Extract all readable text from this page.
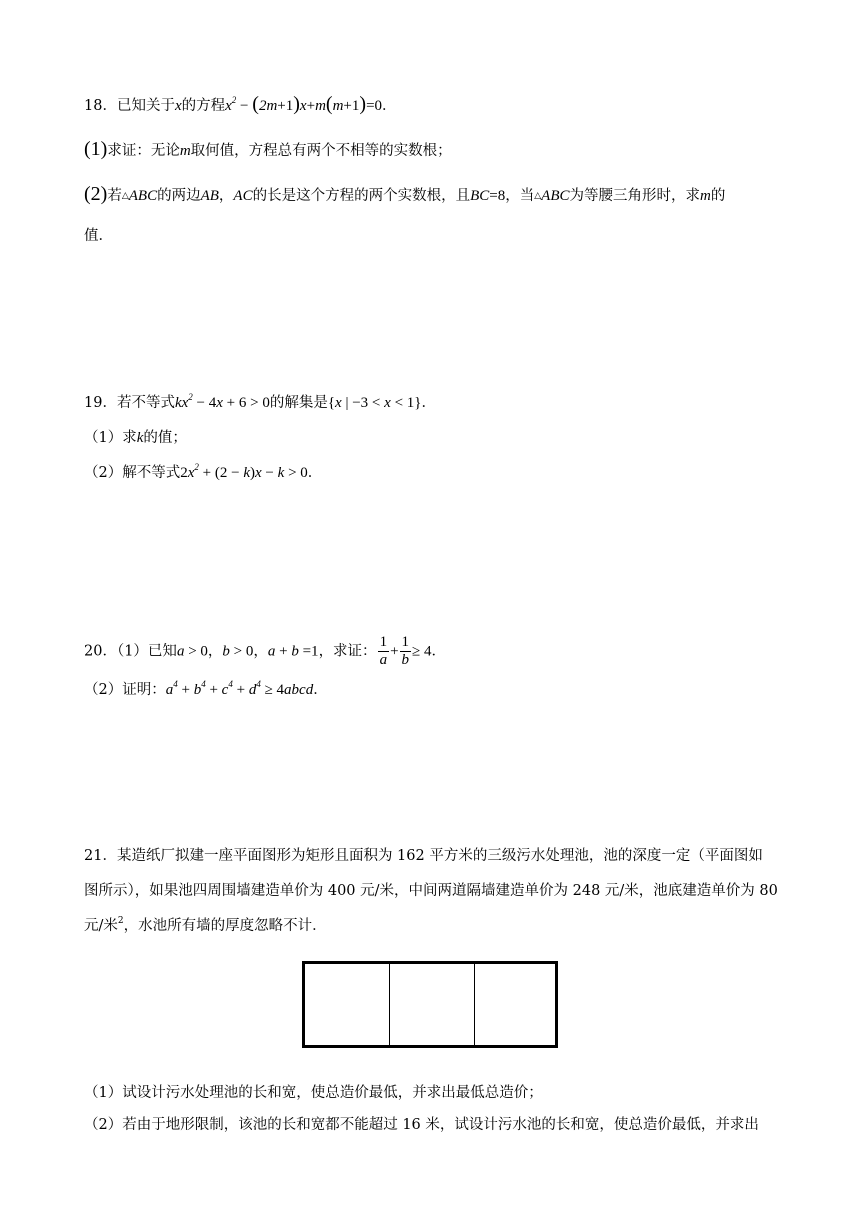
18．已知关于x的方程$x^2 - (2m+1)x+m(m+1)=0$．
(1)求证：无论m取何值，方程总有两个不相等的实数根；
(2)若△ABC的两边AB，AC的长是这个方程的两个实数根，且BC=8，当△ABC为等腰三角形时，求m的
值．
19．若不等式$kx^2 - 4x + 6 > 0$的解集是{x | −3 < x < 1}．
（1）求k的值；
（2）解不等式$2x^2 + (2 - k)x - k > 0$．
20．（1）已知a > 0，b > 0，a + b =1，求证： $\frac{1}{a} + \frac{1}{b} \ge 4$．
（2）证明：$a^4 + b^4 + c^4 + d^4$ ≥ 4abcd．
21．某造纸厂拟建一座平面图形为矩形且面积为 162 平方米的三级污水处理池，池的深度一定（平面图如
图所示），如果池四周围墙建造单价为 400 元/米，中间两道隔墙建造单价为 248 元/米，池底建造单价为 80
元/米$^2$，水池所有墙的厚度忽略不计．
（1）试设计污水处理池的长和宽，使总造价最低，并求出最低总造价；
（2）若由于地形限制，该池的长和宽都不能超过 16 米，试设计污水池的长和宽，使总造价最低，并求出
